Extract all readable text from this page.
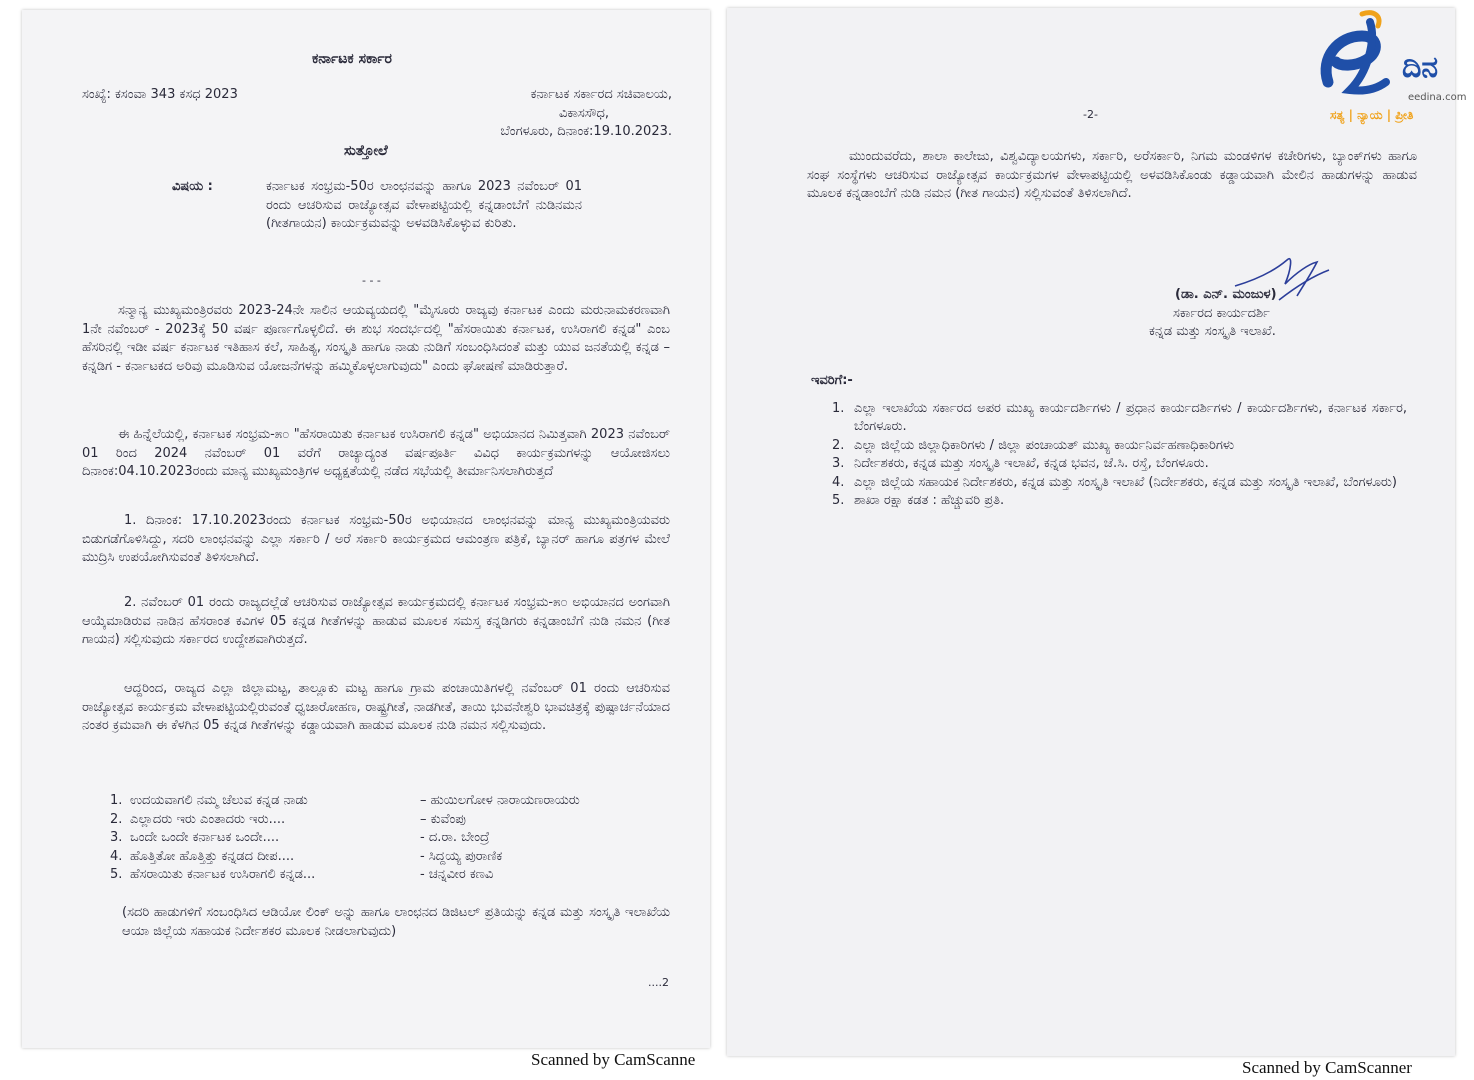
ಕರ್ನಾಟಕ ಸರ್ಕಾರ
ಸಂಖ್ಯೆ: ಕಸಂವಾ 343 ಕಸಧ 2023	ಕರ್ನಾಟಕ ಸರ್ಕಾರದ ಸಚಿವಾಲಯ,
ವಿಕಾಸಸೌಧ,
ಬೆಂಗಳೂರು, ದಿನಾಂಕ:19.10.2023.
ಸುತ್ತೋಲೆ
ವಿಷಯ :	ಕರ್ನಾಟಕ ಸಂಭ್ರಮ-50ರ ಲಾಂಛನವನ್ನು ಹಾಗೂ 2023 ನವೆಂಬರ್ 01 ರಂದು ಆಚರಿಸುವ ರಾಜ್ಯೋತ್ಸವ ವೇಳಾಪಟ್ಟಿಯಲ್ಲಿ ಕನ್ನಡಾಂಬೆಗೆ ನುಡಿನಮನ (ಗೀತಗಾಯನ) ಕಾರ್ಯಕ್ರಮವನ್ನು ಅಳವಡಿಸಿಕೊಳ್ಳುವ ಕುರಿತು.
- - -
ಸನ್ಮಾನ್ಯ ಮುಖ್ಯಮಂತ್ರಿರವರು 2023-24ನೇ ಸಾಲಿನ ಆಯವ್ಯಯದಲ್ಲಿ "ಮೈಸೂರು ರಾಜ್ಯವು ಕರ್ನಾಟಕ ಎಂದು ಮರುನಾಮಕರಣವಾಗಿ 1ನೇ ನವೆಂಬರ್ - 2023ಕ್ಕೆ 50 ವರ್ಷ ಪೂರ್ಣಗೊಳ್ಳಲಿದೆ. ಈ ಶುಭ ಸಂದರ್ಭದಲ್ಲಿ "ಹೆಸರಾಯಿತು ಕರ್ನಾಟಕ, ಉಸಿರಾಗಲಿ ಕನ್ನಡ" ಎಂಬ ಹೆಸರಿನಲ್ಲಿ ಇಡೀ ವರ್ಷ ಕರ್ನಾಟಕ ಇತಿಹಾಸ ಕಲೆ, ಸಾಹಿತ್ಯ, ಸಂಸ್ಕೃತಿ ಹಾಗೂ ನಾಡು ನುಡಿಗೆ ಸಂಬಂಧಿಸಿದಂತೆ ಮತ್ತು ಯುವ ಜನತೆಯಲ್ಲಿ ಕನ್ನಡ – ಕನ್ನಡಿಗ - ಕರ್ನಾಟಕದ ಅರಿವು ಮೂಡಿಸುವ ಯೋಜನೆಗಳನ್ನು ಹಮ್ಮಿಕೊಳ್ಳಲಾಗುವುದು" ಎಂದು ಘೋಷಣೆ ಮಾಡಿರುತ್ತಾರೆ.
ಈ ಹಿನ್ನೆಲೆಯಲ್ಲಿ, ಕರ್ನಾಟಕ ಸಂಭ್ರಮ-೫೦ "ಹೆಸರಾಯಿತು ಕರ್ನಾಟಕ ಉಸಿರಾಗಲಿ ಕನ್ನಡ" ಅಭಿಯಾನದ ನಿಮಿತ್ತವಾಗಿ 2023 ನವೆಂಬರ್ 01 ರಿಂದ 2024 ನವೆಂಬರ್ 01 ವರೆಗೆ ರಾಜ್ಯಾದ್ಯಂತ ವರ್ಷಪೂರ್ತಿ ವಿವಿಧ ಕಾರ್ಯಕ್ರಮಗಳನ್ನು ಆಯೋಜಿಸಲು ದಿನಾಂಕ:04.10.2023ರಂದು ಮಾನ್ಯ ಮುಖ್ಯಮಂತ್ರಿಗಳ ಅಧ್ಯಕ್ಷತೆಯಲ್ಲಿ ನಡೆದ ಸಭೆಯಲ್ಲಿ ತೀರ್ಮಾನಿಸಲಾಗಿರುತ್ತದೆ
1. ದಿನಾಂಕ: 17.10.2023ರಂದು ಕರ್ನಾಟಕ ಸಂಭ್ರಮ-50ರ ಅಭಿಯಾನದ ಲಾಂಛನವನ್ನು ಮಾನ್ಯ ಮುಖ್ಯಮಂತ್ರಿಯವರು ಬಿಡುಗಡೆಗೊಳಿಸಿದ್ದು, ಸದರಿ ಲಾಂಛನವನ್ನು ಎಲ್ಲಾ ಸರ್ಕಾರಿ / ಅರೆ ಸರ್ಕಾರಿ ಕಾರ್ಯಕ್ರಮದ ಆಮಂತ್ರಣ ಪತ್ರಿಕೆ, ಬ್ಯಾನರ್ ಹಾಗೂ ಪತ್ರಗಳ ಮೇಲೆ ಮುದ್ರಿಸಿ ಉಪಯೋಗಿಸುವಂತೆ ತಿಳಿಸಲಾಗಿದೆ.
2. ನವೆಂಬರ್ 01 ರಂದು ರಾಜ್ಯದಲ್ಲೆಡೆ ಆಚರಿಸುವ ರಾಜ್ಯೋತ್ಸವ ಕಾರ್ಯಕ್ರಮದಲ್ಲಿ ಕರ್ನಾಟಕ ಸಂಭ್ರಮ-೫೦ ಅಭಿಯಾನದ ಅಂಗವಾಗಿ ಆಯ್ಕೆಮಾಡಿರುವ ನಾಡಿನ ಹೆಸರಾಂತ ಕವಿಗಳ 05 ಕನ್ನಡ ಗೀತೆಗಳನ್ನು ಹಾಡುವ ಮೂಲಕ ಸಮಸ್ತ ಕನ್ನಡಿಗರು ಕನ್ನಡಾಂಬೆಗೆ ನುಡಿ ನಮನ (ಗೀತ ಗಾಯನ) ಸಲ್ಲಿಸುವುದು ಸರ್ಕಾರದ ಉದ್ದೇಶವಾಗಿರುತ್ತದೆ.
ಆದ್ದರಿಂದ, ರಾಜ್ಯದ ಎಲ್ಲಾ ಜಿಲ್ಲಾಮಟ್ಟ, ತಾಲ್ಲೂಕು ಮಟ್ಟ ಹಾಗೂ ಗ್ರಾಮ ಪಂಚಾಯಿತಿಗಳಲ್ಲಿ ನವೆಂಬರ್ 01 ರಂದು ಆಚರಿಸುವ ರಾಜ್ಯೋತ್ಸವ ಕಾರ್ಯಕ್ರಮ ವೇಳಾಪಟ್ಟಿಯಲ್ಲಿರುವಂತೆ ಧ್ವಜಾರೋಹಣ, ರಾಷ್ಟ್ರಗೀತೆ, ನಾಡಗೀತೆ, ತಾಯಿ ಭುವನೇಶ್ವರಿ ಭಾವಚಿತ್ರಕ್ಕೆ ಪುಷ್ಪಾರ್ಚನೆಯಾದ ನಂತರ ಕ್ರಮವಾಗಿ ಈ ಕೆಳಗಿನ 05 ಕನ್ನಡ ಗೀತೆಗಳನ್ನು ಕಡ್ಡಾಯವಾಗಿ ಹಾಡುವ ಮೂಲಕ ನುಡಿ ನಮನ ಸಲ್ಲಿಸುವುದು.
1. ಉದಯವಾಗಲಿ ನಮ್ಮ ಚೆಲುವ ಕನ್ನಡ ನಾಡು	– ಹುಯಿಲಗೋಳ ನಾರಾಯಣರಾಯರು
2. ಎಲ್ಲಾದರು ಇರು ಎಂತಾದರು ಇರು....	– ಕುವೆಂಪು
3. ಒಂದೇ ಒಂದೇ ಕರ್ನಾಟಕ ಒಂದೇ....	- ದ.ರಾ. ಬೇಂದ್ರೆ
4. ಹೊತ್ತಿತೋ ಹೊತ್ತಿತ್ತು ಕನ್ನಡದ ದೀಪ....	- ಸಿದ್ದಯ್ಯ ಪುರಾಣಿಕ
5. ಹೆಸರಾಯಿತು ಕರ್ನಾಟಕ ಉಸಿರಾಗಲಿ ಕನ್ನಡ...	- ಚನ್ನವೀರ ಕಣವಿ
(ಸದರಿ ಹಾಡುಗಳಿಗೆ ಸಂಬಂಧಿಸಿದ ಆಡಿಯೋ ಲಿಂಕ್ ಅನ್ನು ಹಾಗೂ ಲಾಂಛನದ ಡಿಜಿಟಲ್ ಪ್ರತಿಯನ್ನು ಕನ್ನಡ ಮತ್ತು ಸಂಸ್ಕೃತಿ ಇಲಾಖೆಯ ಆಯಾ ಜಿಲ್ಲೆಯ ಸಹಾಯಕ ನಿರ್ದೇಶಕರ ಮೂಲಕ ನೀಡಲಾಗುವುದು)
....2
Scanned by CamScanne
-2-
ಮುಂದುವರೆದು, ಶಾಲಾ ಕಾಲೇಜು, ವಿಶ್ವವಿದ್ಯಾಲಯಗಳು, ಸರ್ಕಾರಿ, ಅರೆಸರ್ಕಾರಿ, ನಿಗಮ ಮಂಡಳಿಗಳ ಕಚೇರಿಗಳು, ಬ್ಯಾಂಕ್‌ಗಳು ಹಾಗೂ ಸಂಘ ಸಂಸ್ಥೆಗಳು ಆಚರಿಸುವ ರಾಜ್ಯೋತ್ಸವ ಕಾರ್ಯಕ್ರಮಗಳ ವೇಳಾಪಟ್ಟಿಯಲ್ಲಿ ಅಳವಡಿಸಿಕೊಂಡು ಕಡ್ಡಾಯವಾಗಿ ಮೇಲಿನ ಹಾಡುಗಳನ್ನು ಹಾಡುವ ಮೂಲಕ ಕನ್ನಡಾಂಬೆಗೆ ನುಡಿ ನಮನ (ಗೀತ ಗಾಯನ) ಸಲ್ಲಿಸುವಂತೆ ತಿಳಿಸಲಾಗಿದೆ.
(ಡಾ. ಎನ್. ಮಂಜುಳ)
ಸರ್ಕಾರದ ಕಾರ್ಯದರ್ಶಿ
ಕನ್ನಡ ಮತ್ತು ಸಂಸ್ಕೃತಿ ಇಲಾಖೆ.
ಇವರಿಗೆ:-
1. ಎಲ್ಲಾ ಇಲಾಖೆಯ ಸರ್ಕಾರದ ಅಪರ ಮುಖ್ಯ ಕಾರ್ಯದರ್ಶಿಗಳು / ಪ್ರಧಾನ ಕಾರ್ಯದರ್ಶಿಗಳು / ಕಾರ್ಯದರ್ಶಿಗಳು, ಕರ್ನಾಟಕ ಸರ್ಕಾರ, ಬೆಂಗಳೂರು.
2. ಎಲ್ಲಾ ಜಿಲ್ಲೆಯ ಜಿಲ್ಲಾಧಿಕಾರಿಗಳು / ಜಿಲ್ಲಾ ಪಂಚಾಯತ್ ಮುಖ್ಯ ಕಾರ್ಯನಿರ್ವಹಣಾಧಿಕಾರಿಗಳು
3. ನಿರ್ದೇಶಕರು, ಕನ್ನಡ ಮತ್ತು ಸಂಸ್ಕೃತಿ ಇಲಾಖೆ, ಕನ್ನಡ ಭವನ, ಜೆ.ಸಿ. ರಸ್ತೆ, ಬೆಂಗಳೂರು.
4. ಎಲ್ಲಾ ಜಿಲ್ಲೆಯ ಸಹಾಯಕ ನಿರ್ದೇಶಕರು, ಕನ್ನಡ ಮತ್ತು ಸಂಸ್ಕೃತಿ ಇಲಾಖೆ (ನಿರ್ದೇಶಕರು, ಕನ್ನಡ ಮತ್ತು ಸಂಸ್ಕೃತಿ ಇಲಾಖೆ, ಬೆಂಗಳೂರು)
5. ಶಾಖಾ ರಕ್ಷಾ ಕಡತ : ಹೆಚ್ಚುವರಿ ಪ್ರತಿ.
Scanned by CamScanner
ದಿನ
eedina.com
ಸತ್ಯ | ನ್ಯಾಯ | ಪ್ರೀತಿ
